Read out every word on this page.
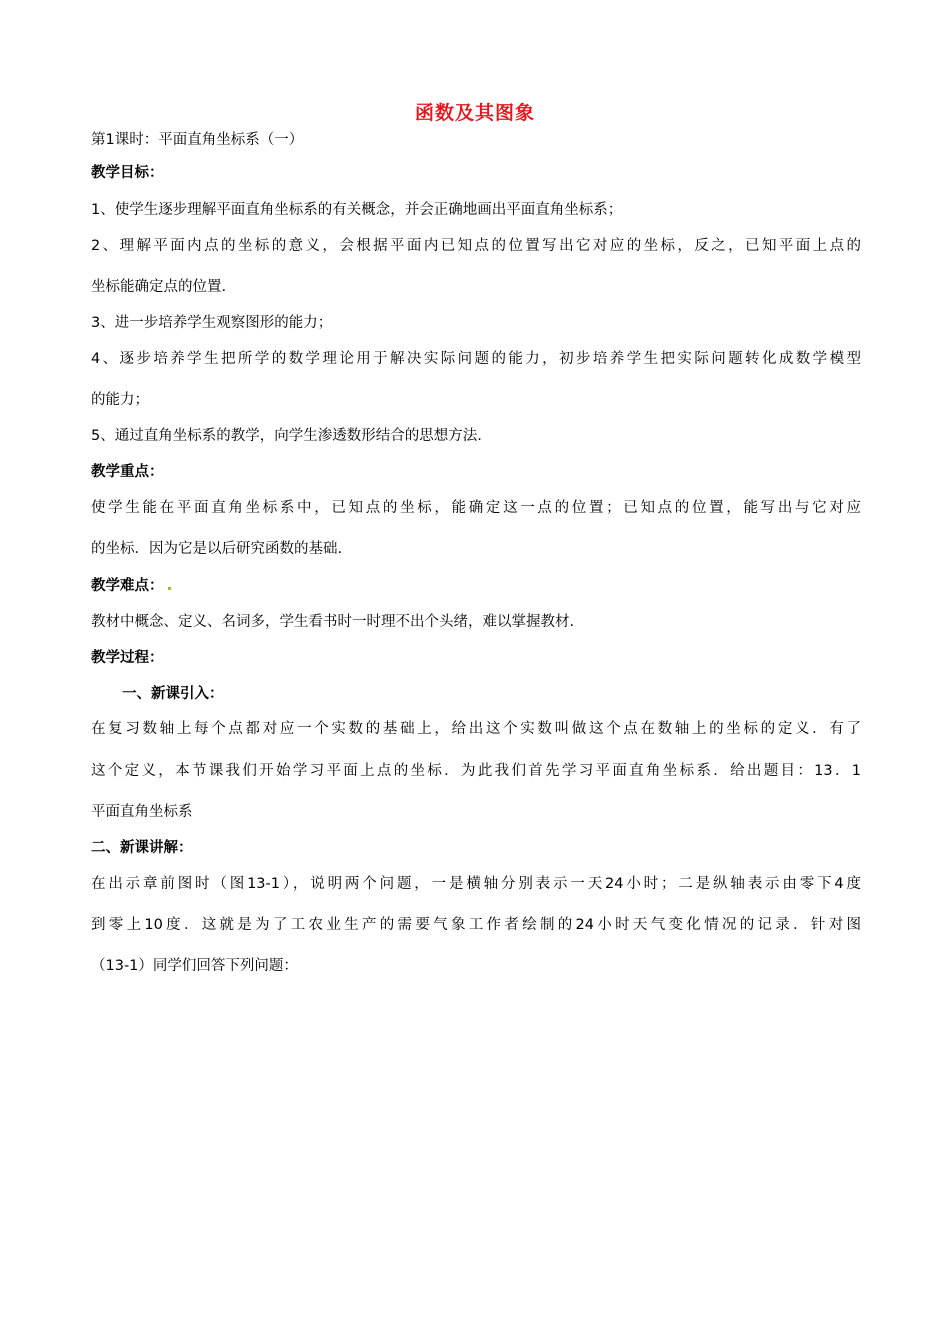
函数及其图象
第1课时：平面直角坐标系（一）
教学目标：
1、使学生逐步理解平面直角坐标系的有关概念，并会正确地画出平面直角坐标系；
2、理解平面内点的坐标的意义，会根据平面内已知点的位置写出它对应的坐标，反之，已知平面上点的
坐标能确定点的位置.
3、进一步培养学生观察图形的能力；
4、逐步培养学生把所学的数学理论用于解决实际问题的能力，初步培养学生把实际问题转化成数学模型
的能力；
5、通过直角坐标系的教学，向学生渗透数形结合的思想方法.
教学重点：
使学生能在平面直角坐标系中，已知点的坐标，能确定这一点的位置；已知点的位置，能写出与它对应
的坐标．因为它是以后研究函数的基础.
教学难点：
教材中概念、定义、名词多，学生看书时一时理不出个头绪，难以掌握教材.
教学过程：
一、新课引入：
在复习数轴上每个点都对应一个实数的基础上，给出这个实数叫做这个点在数轴上的坐标的定义．有了
这个定义，本节课我们开始学习平面上点的坐标．为此我们首先学习平面直角坐标系．给出题目：13．1
平面直角坐标系
二、新课讲解：
在出示章前图时（图13-1），说明两个问题，一是横轴分别表示一天24小时；二是纵轴表示由零下4度
到零上10度．这就是为了工农业生产的需要气象工作者绘制的24小时天气变化情况的记录．针对图
（13-1）同学们回答下列问题：
